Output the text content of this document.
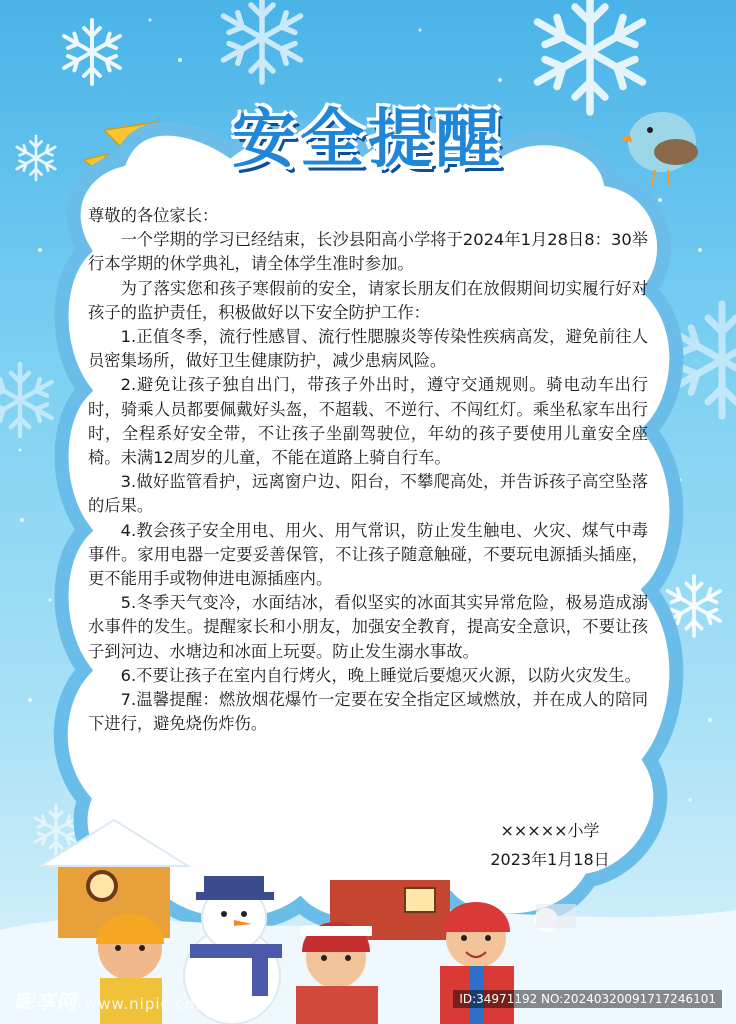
安全提醒

尊敬的各位家长：

一个学期的学习已经结束，长沙县阳高小学将于2024年1月28日8：30举行本学期的休学典礼，请全体学生准时参加。

为了落实您和孩子寒假前的安全，请家长朋友们在放假期间切实履行好对孩子的监护责任，积极做好以下安全防护工作：

1.正值冬季，流行性感冒、流行性腮腺炎等传染性疾病高发，避免前往人员密集场所，做好卫生健康防护，减少患病风险。

2.避免让孩子独自出门，带孩子外出时，遵守交通规则。骑电动车出行时，骑乘人员都要佩戴好头盔，不超载、不逆行、不闯红灯。乘坐私家车出行时，全程系好安全带，不让孩子坐副驾驶位，年幼的孩子要使用儿童安全座椅。未满12周岁的儿童，不能在道路上骑自行车。

3.做好监管看护，远离窗户边、阳台，不攀爬高处，并告诉孩子高空坠落的后果。

4.教会孩子安全用电、用火、用气常识，防止发生触电、火灾、煤气中毒事件。家用电器一定要妥善保管，不让孩子随意触碰，不要玩电源插头插座，更不能用手或物伸进电源插座内。

5.冬季天气变冷，水面结冰，看似坚实的冰面其实异常危险，极易造成溺水事件的发生。提醒家长和小朋友，加强安全教育，提高安全意识，不要让孩子到河边、水塘边和冰面上玩耍。防止发生溺水事故。

6.不要让孩子在室内自行烤火，晚上睡觉后要熄灭火源，以防火灾发生。

7.温馨提醒：燃放烟花爆竹一定要在安全指定区域燃放，并在成人的陪同下进行，避免烧伤炸伤。

×××××小学
2023年1月18日
昵享网 www.nipic.com	ID:34971192 NO:20240320091717246101
